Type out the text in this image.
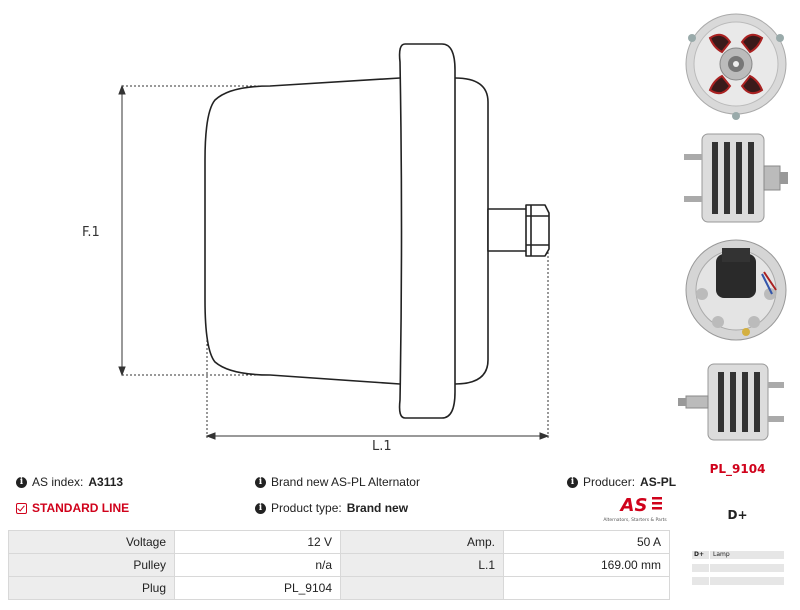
F.1
L.1
PL_9104
D+
i AS index: A3113	i Brand new AS-PL Alternator	i Producer: AS-PL
STANDARD LINE	i Product type: Brand new	AS
Alternators, Starters & Parts
Voltage	12 V	Amp.	50 A
Pulley	n/a	L.1	169.00 mm
Plug	PL_9104		
D+	Lamp
